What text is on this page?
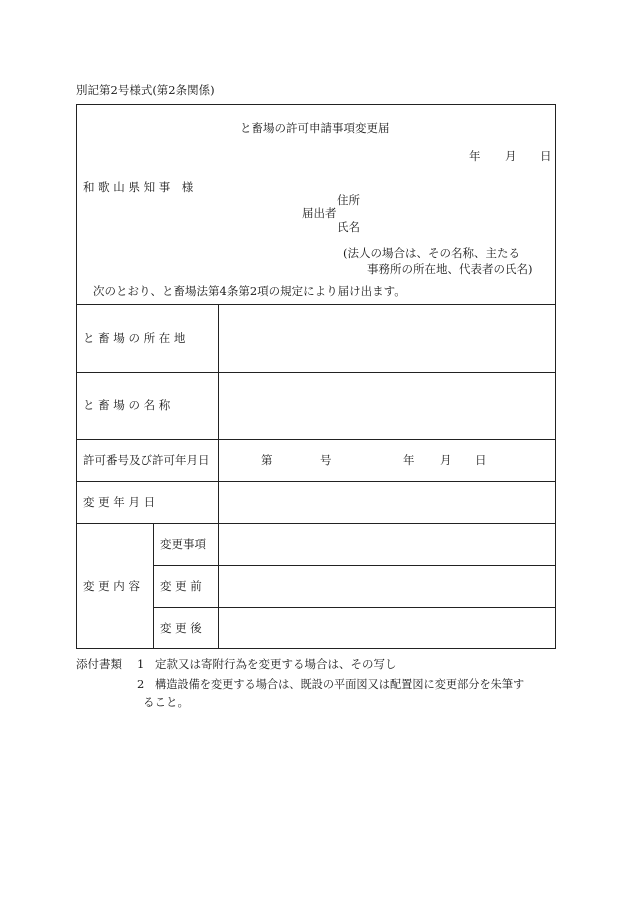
別記第2号様式(第2条関係)
と畜場の許可申請事項変更届
年 月 日
和 歌 山 県 知 事　様
住所
届出者
氏名
(法人の場合は、その名称、主たる
事務所の所在地、代表者の氏名)
次のとおり、と畜場法第4条第2項の規定により届け出ます。
と 畜 場 の 所 在 地
と 畜 場 の 名 称
許可番号及び許可年月日	第	号	年 月 日
変 更 年 月 日
変 更 内 容
変更事項
変 更 前
変 更 後
添付書類 1 定款又は寄附行為を変更する場合は、その写し
2 構造設備を変更する場合は、既設の平面図又は配置図に変更部分を朱筆す
ること。
